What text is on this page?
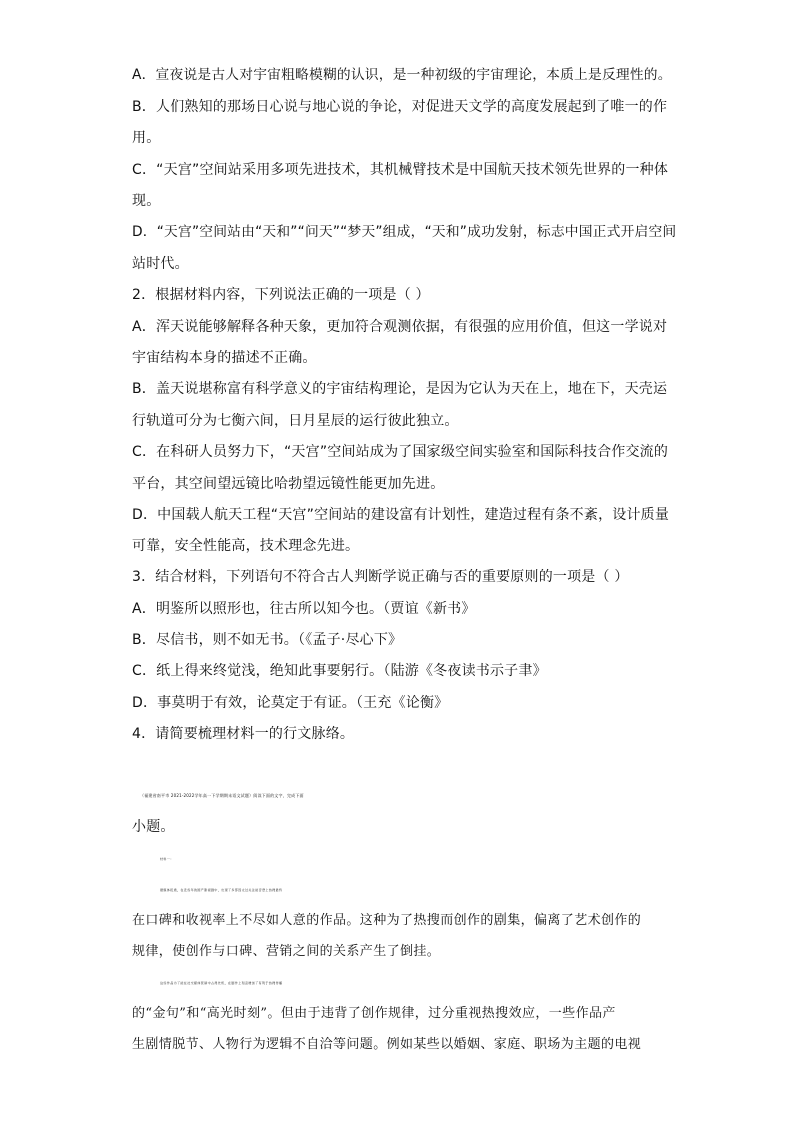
A．宣夜说是古人对宇宙粗略模糊的认识，是一种初级的宇宙理论，本质上是反理性的。
B．人们熟知的那场日心说与地心说的争论，对促进天文学的高度发展起到了唯一的作
用。
C．“天宫”空间站采用多项先进技术，其机械臂技术是中国航天技术领先世界的一种体
现。
D．“天宫”空间站由“天和”“问天”“梦天”组成，“天和”成功发射，标志中国正式开启空间
站时代。
2．根据材料内容，下列说法正确的一项是（ ）
A．浑天说能够解释各种天象，更加符合观测依据，有很强的应用价值，但这一学说对
宇宙结构本身的描述不正确。
B．盖天说堪称富有科学意义的宇宙结构理论，是因为它认为天在上，地在下，天壳运
行轨道可分为七衡六间，日月星辰的运行彼此独立。
C．在科研人员努力下，“天宫”空间站成为了国家级空间实验室和国际科技合作交流的
平台，其空间望远镜比哈勃望远镜性能更加先进。
D．中国载人航天工程“天宫”空间站的建设富有计划性，建造过程有条不紊，设计质量
可靠，安全性能高，技术理念先进。
3．结合材料，下列语句不符合古人判断学说正确与否的重要原则的一项是（ ）
A．明鉴所以照形也，往古所以知今也。（贾谊《新书》
B．尽信书，则不如无书。（《孟子·尽心下》
C．纸上得来终觉浅，绝知此事要躬行。（陆游《冬夜读书示子聿》
D．事莫明于有效，论莫定于有证。（王充《论衡》
4．请简要梳理材料一的行文脉络。
（福建省南平市 2021-2022学年高一下学期期末语文试题）阅读下面的文字，完成下面
小题。
材料一：
据媒体报道，在近些年的国产影视剧中，出现了多部因太过关注能否登上热搜最终
在口碑和收视率上不尽如人意的作品。这种为了热搜而创作的剧集，偏离了艺术创作的
规律，使创作与口碑、营销之间的关系产生了倒挂。
这些作品为了能在社交媒体营销中占得先机，在剧作上刻意增加了有利于热搜传播
的“金句”和“高光时刻”。但由于违背了创作规律，过分重视热搜效应，一些作品产
生剧情脱节、人物行为逻辑不自洽等问题。例如某些以婚姻、家庭、职场为主题的电视
